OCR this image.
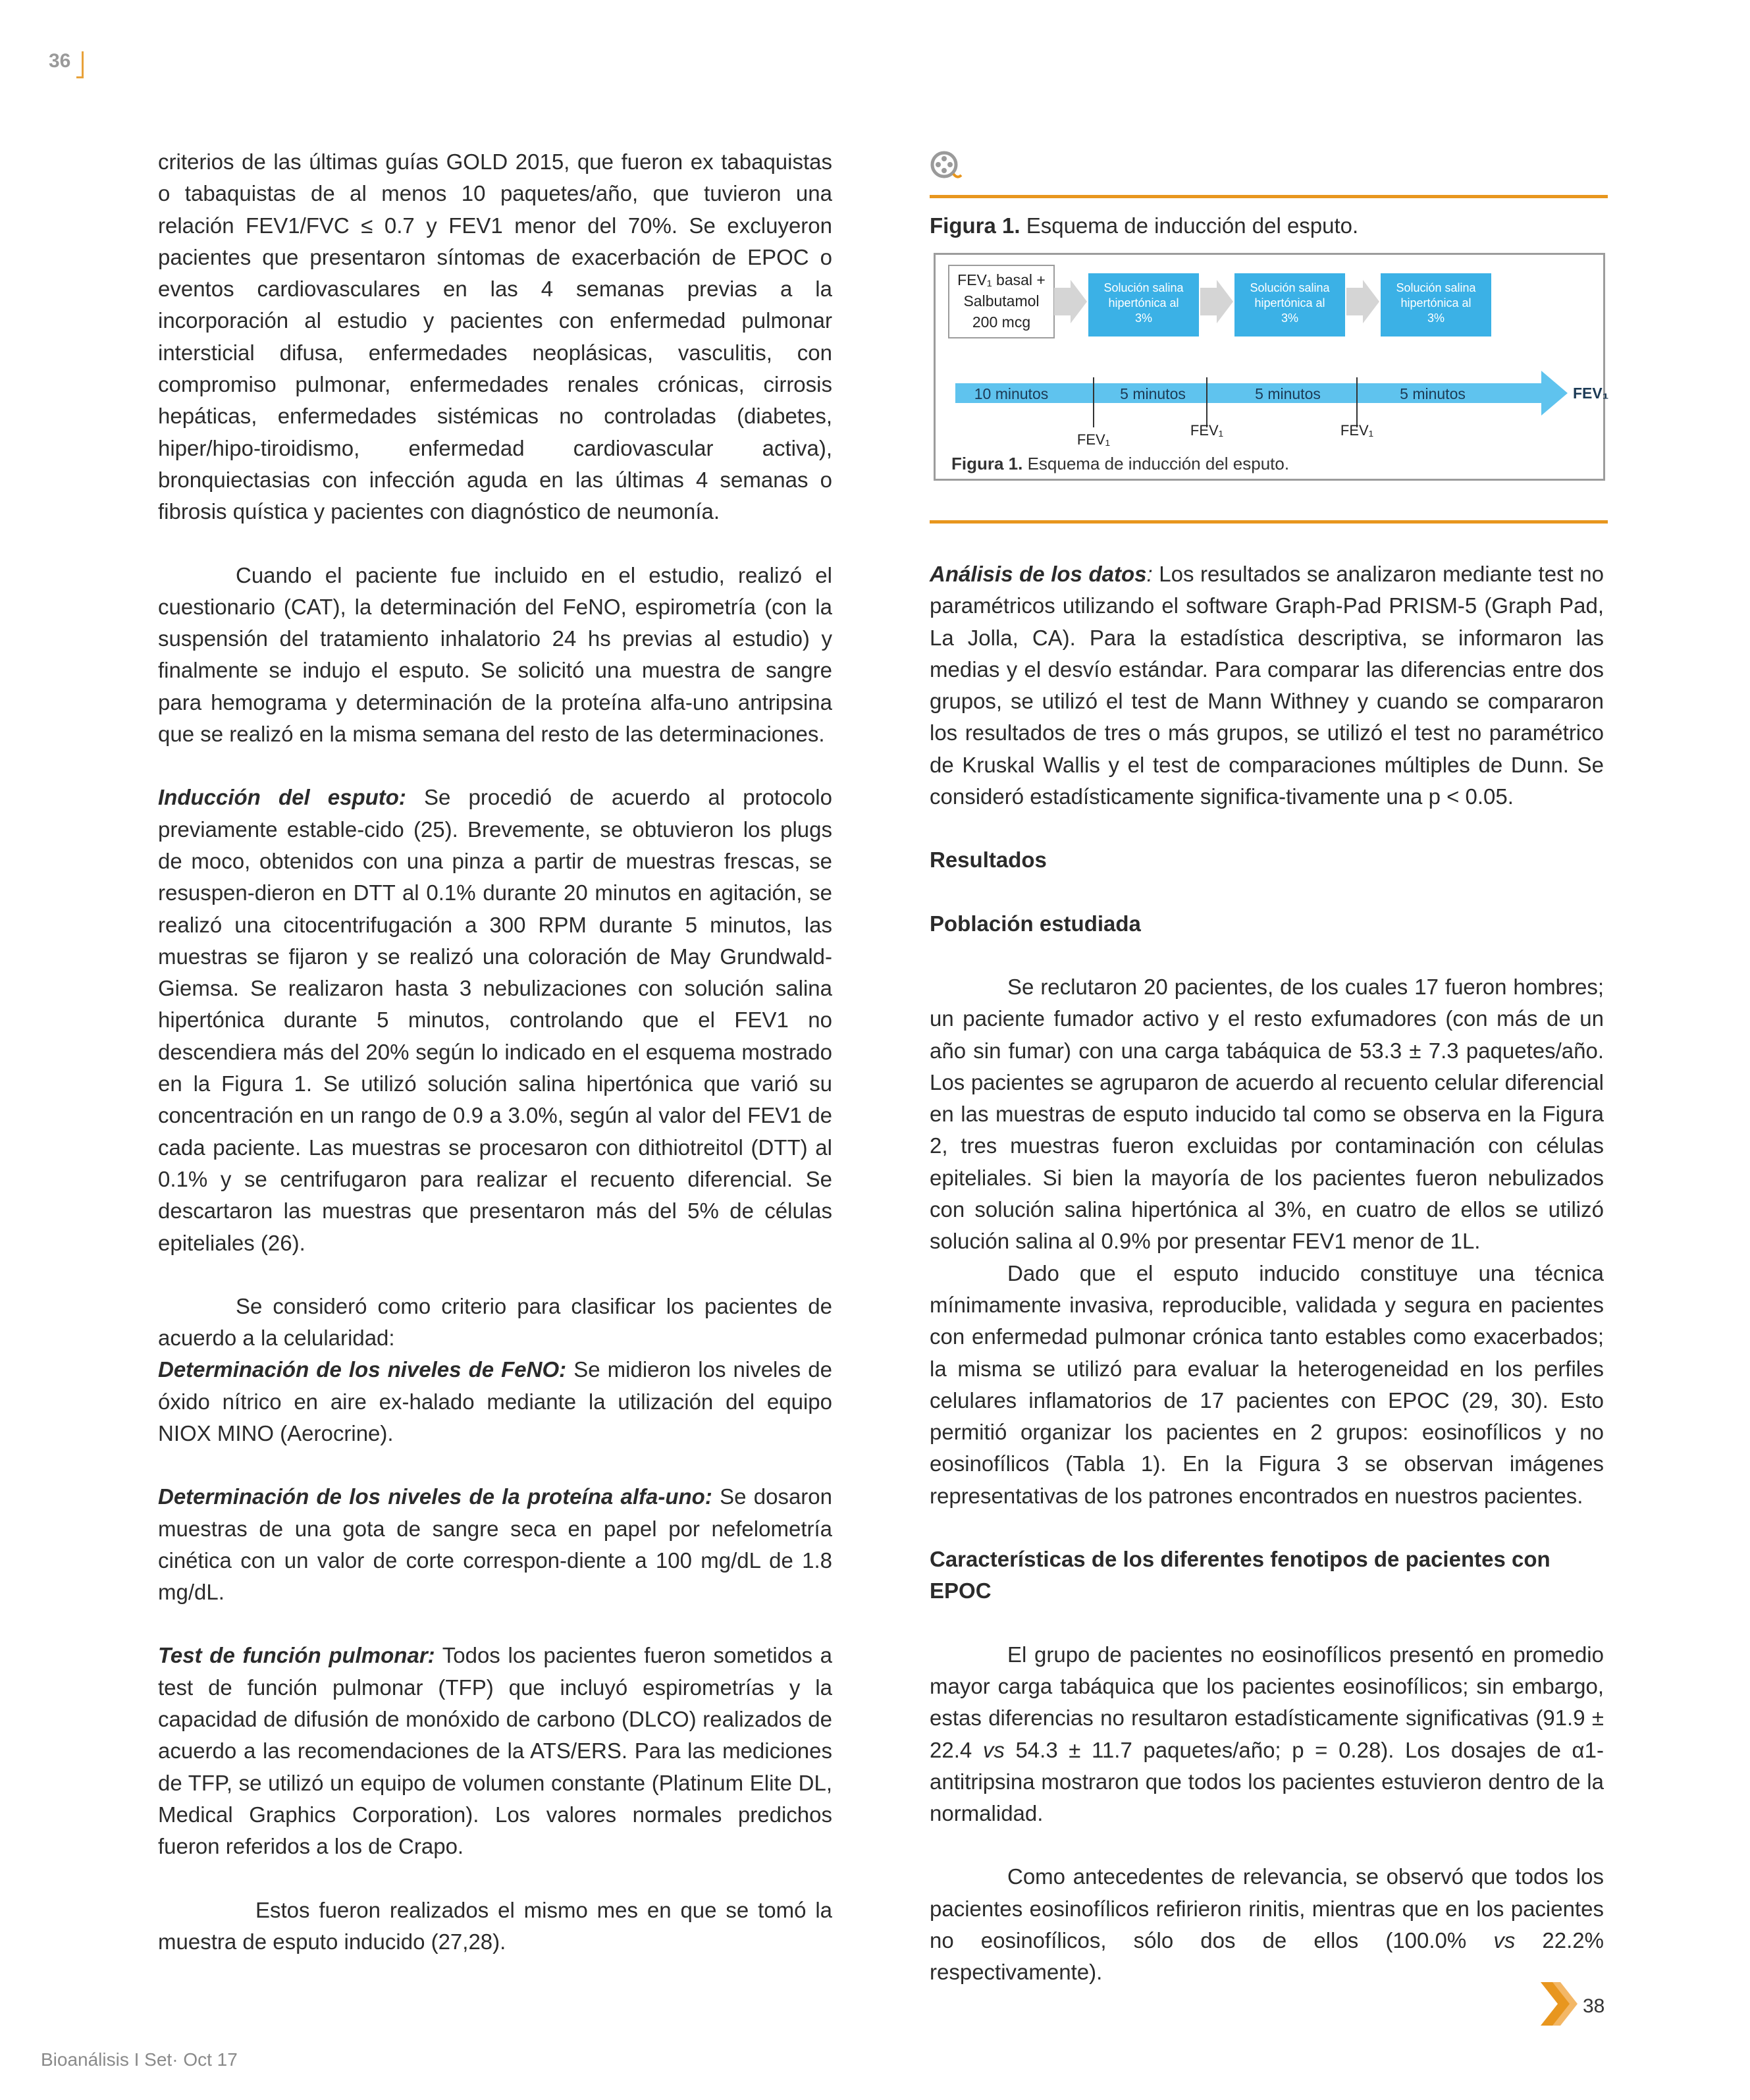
36

criterios de las últimas guías GOLD 2015, que fueron ex tabaquistas o tabaquistas de al menos 10 paquetes/año, que tuvieron una relación FEV1/FVC ≤ 0.7 y FEV1 menor del 70%. Se excluyeron pacientes que presentaron síntomas de exacerbación de EPOC o eventos cardiovasculares en las 4 semanas previas a la incorporación al estudio y pacientes con enfermedad pulmonar intersticial difusa, enfermedades neoplásicas, vasculitis, con compromiso pulmonar, enfermedades renales crónicas, cirrosis hepáticas, enfermedades sistémicas no controladas (diabetes, hiper/hipo-tiroidismo, enfermedad cardiovascular activa), bronquiectasias con infección aguda en las últimas 4 semanas o fibrosis quística y pacientes con diagnóstico de neumonía.

Cuando el paciente fue incluido en el estudio, realizó el cuestionario (CAT), la determinación del FeNO, espirometría (con la suspensión del tratamiento inhalatorio 24 hs previas al estudio) y finalmente se indujo el esputo. Se solicitó una muestra de sangre para hemograma y determinación de la proteína alfa-uno antripsina que se realizó en la misma semana del resto de las determinaciones.

Inducción del esputo: Se procedió de acuerdo al protocolo previamente estable-cido (25). Brevemente, se obtuvieron los plugs de moco, obtenidos con una pinza a partir de muestras frescas, se resuspen-dieron en DTT al 0.1% durante 20 minutos en agitación, se realizó una citocentrifugación a 300 RPM durante 5 minutos, las muestras se fijaron y se realizó una coloración de May Grundwald-Giemsa. Se realizaron hasta 3 nebulizaciones con solución salina hipertónica durante 5 minutos, controlando que el FEV1 no descendiera más del 20% según lo indicado en el esquema mostrado en la Figura 1. Se utilizó solución salina hipertónica que varió su concentración en un rango de 0.9 a 3.0%, según al valor del FEV1 de cada paciente. Las muestras se procesaron con dithiotreitol (DTT) al 0.1% y se centrifugaron para realizar el recuento diferencial. Se descartaron las muestras que presentaron más del 5% de células epiteliales (26).

Se consideró como criterio para clasificar los pacientes de acuerdo a la celularidad:

Determinación de los niveles de FeNO: Se midieron los niveles de óxido nítrico en aire ex-halado mediante la utilización del equipo NIOX MINO (Aerocrine).

Determinación de los niveles de la proteína alfa-uno: Se dosaron muestras de una gota de sangre seca en papel por nefelometría cinética con un valor de corte correspon-diente a 100 mg/dL de 1.8 mg/dL.

Test de función pulmonar: Todos los pacientes fueron sometidos a test de función pulmonar (TFP) que incluyó espirometrías y la capacidad de difusión de monóxido de carbono (DLCO) realizados de acuerdo a las recomendaciones de la ATS/ERS. Para las mediciones de TFP, se utilizó un equipo de volumen constante (Platinum Elite DL, Medical Graphics Corporation). Los valores normales predichos fueron referidos a los de Crapo.

Estos fueron realizados el mismo mes en que se tomó la muestra de esputo inducido (27,28).

Figura 1. Esquema de inducción del esputo.
FEV₁ basal +
Salbutamol
200 mcg
Solución salina
hipertónica al
3%
Solución salina
hipertónica al
3%
Solución salina
hipertónica al
3%
10 minutos	5 minutos	5 minutos	5 minutos	FEV₁
FEV₁
FEV₁	FEV₁
Figura 1. Esquema de inducción del esputo.

Análisis de los datos: Los resultados se analizaron mediante test no paramétricos utilizando el software Graph-Pad PRISM-5 (Graph Pad, La Jolla, CA). Para la estadística descriptiva, se informaron las medias y el desvío estándar. Para comparar las diferencias entre dos grupos, se utilizó el test de Mann Withney y cuando se compararon los resultados de tres o más grupos, se utilizó el test no paramétrico de Kruskal Wallis y el test de comparaciones múltiples de Dunn. Se consideró estadísticamente significa-tivamente una p < 0.05.

Resultados

Población estudiada

Se reclutaron 20 pacientes, de los cuales 17 fueron hombres; un paciente fumador activo y el resto exfumadores (con más de un año sin fumar) con una carga tabáquica de 53.3 ± 7.3 paquetes/año. Los pacientes se agruparon de acuerdo al recuento celular diferencial en las muestras de esputo inducido tal como se observa en la Figura 2, tres muestras fueron excluidas por contaminación con células epiteliales. Si bien la mayoría de los pacientes fueron nebulizados con solución salina hipertónica al 3%, en cuatro de ellos se utilizó solución salina al 0.9% por presentar FEV1 menor de 1L.

Dado que el esputo inducido constituye una técnica mínimamente invasiva, reproducible, validada y segura en pacientes con enfermedad pulmonar crónica tanto estables como exacerbados; la misma se utilizó para evaluar la heterogeneidad en los perfiles celulares inflamatorios de 17 pacientes con EPOC (29, 30). Esto permitió organizar los pacientes en 2 grupos: eosinofílicos y no eosinofílicos (Tabla 1). En la Figura 3 se observan imágenes representativas de los patrones encontrados en nuestros pacientes.

Características de los diferentes fenotipos de pacientes con EPOC

El grupo de pacientes no eosinofílicos presentó en promedio mayor carga tabáquica que los pacientes eosinofílicos; sin embargo, estas diferencias no resultaron estadísticamente significativas (91.9 ± 22.4 vs 54.3 ± 11.7 paquetes/año; p = 0.28). Los dosajes de α1-antitripsina mostraron que todos los pacientes estuvieron dentro de la normalidad.

Como antecedentes de relevancia, se observó que todos los pacientes eosinofílicos refirieron rinitis, mientras que en los pacientes no eosinofílicos, sólo dos de ellos (100.0% vs 22.2% respectivamente).

38
Bioanálisis I Set· Oct 17
